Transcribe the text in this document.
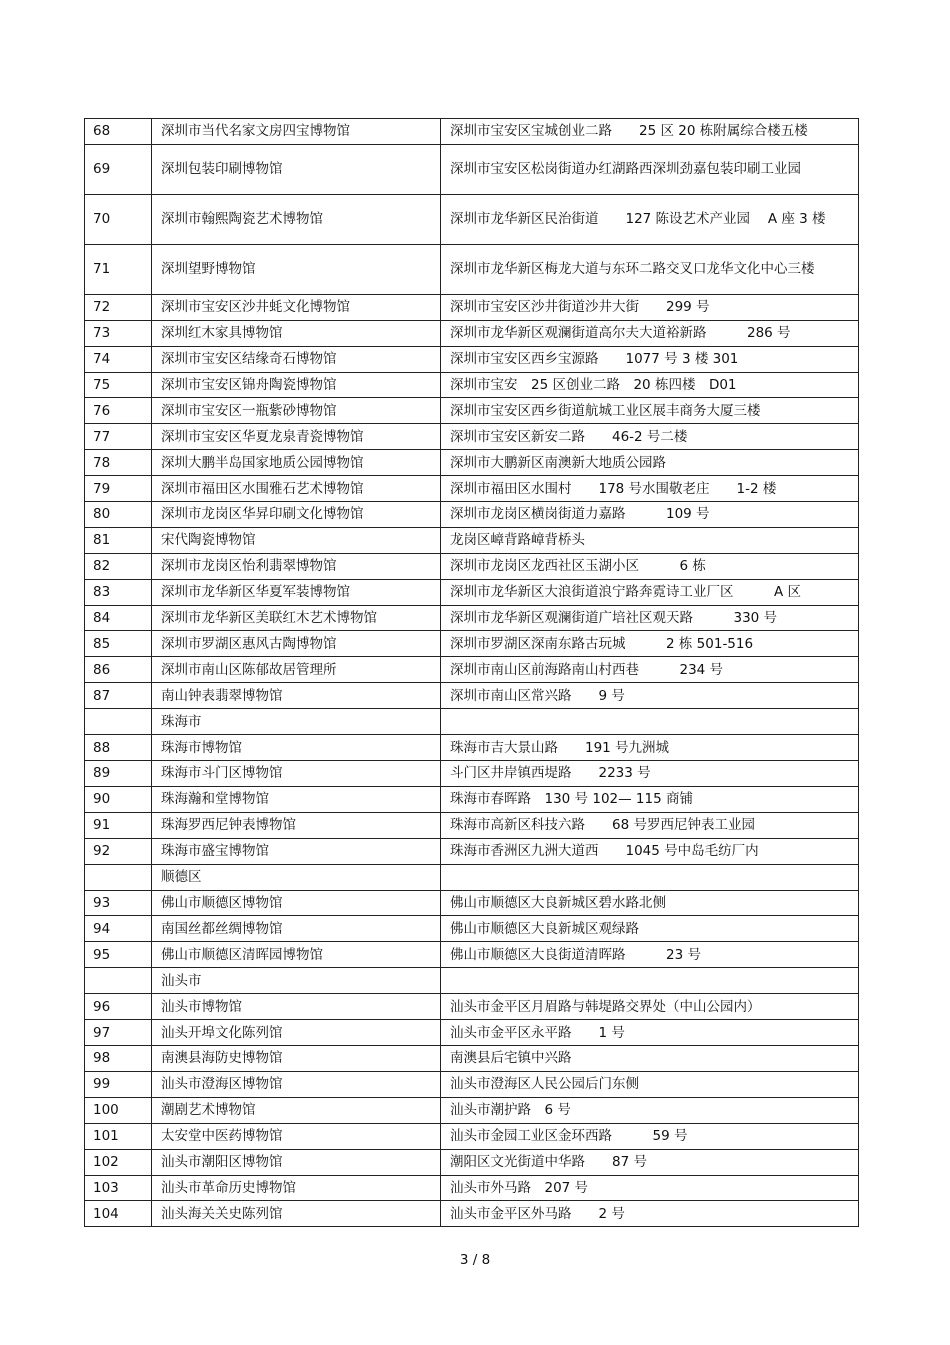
68	深圳市当代名家文房四宝博物馆	深圳市宝安区宝城创业二路　　25 区 20 栋附属综合楼五楼
69	深圳包装印刷博物馆	深圳市宝安区松岗街道办红湖路西深圳劲嘉包装印刷工业园
70	深圳市翰熙陶瓷艺术博物馆	深圳市龙华新区民治街道　　127 陈设艺术产业园　 A 座 3 楼
71	深圳望野博物馆	深圳市龙华新区梅龙大道与东环二路交叉口龙华文化中心三楼
72	深圳市宝安区沙井蚝文化博物馆	深圳市宝安区沙井街道沙井大街　　299 号
73	深圳红木家具博物馆	深圳市龙华新区观澜街道高尔夫大道裕新路　　　286 号
74	深圳市宝安区结缘奇石博物馆	深圳市宝安区西乡宝源路　　1077 号 3 楼 301
75	深圳市宝安区锦舟陶瓷博物馆	深圳市宝安　25 区创业二路　20 栋四楼　D01
76	深圳市宝安区一瓶紫砂博物馆	深圳市宝安区西乡街道航城工业区展丰商务大厦三楼
77	深圳市宝安区华夏龙泉青瓷博物馆	深圳市宝安区新安二路　　46-2 号二楼
78	深圳大鹏半岛国家地质公园博物馆	深圳市大鹏新区南澳新大地质公园路
79	深圳市福田区水围雅石艺术博物馆	深圳市福田区水围村　　178 号水围敬老庄　　1-2 楼
80	深圳市龙岗区华昇印刷文化博物馆	深圳市龙岗区横岗街道力嘉路　　　109 号
81	宋代陶瓷博物馆	龙岗区嶂背路嶂背桥头
82	深圳市龙岗区怡利翡翠博物馆	深圳市龙岗区龙西社区玉湖小区　　　6 栋
83	深圳市龙华新区华夏军装博物馆	深圳市龙华新区大浪街道浪宁路奔霓诗工业厂区　　　A 区
84	深圳市龙华新区美联红木艺术博物馆	深圳市龙华新区观澜街道广培社区观天路　　　330 号
85	深圳市罗湖区惠风古陶博物馆	深圳市罗湖区深南东路古玩城　　　2 栋 501-516
86	深圳市南山区陈郁故居管理所	深圳市南山区前海路南山村西巷　　　234 号
87	南山钟表翡翠博物馆	深圳市南山区常兴路　　9 号
	珠海市	
88	珠海市博物馆	珠海市吉大景山路　　191 号九洲城
89	珠海市斗门区博物馆	斗门区井岸镇西堤路　　2233 号
90	珠海瀚和堂博物馆	珠海市春晖路　130 号 102— 115 商铺
91	珠海罗西尼钟表博物馆	珠海市高新区科技六路　　68 号罗西尼钟表工业园
92	珠海市盛宝博物馆	珠海市香洲区九洲大道西　　1045 号中岛毛纺厂内
	顺德区	
93	佛山市顺德区博物馆	佛山市顺德区大良新城区碧水路北侧
94	南国丝都丝绸博物馆	佛山市顺德区大良新城区观绿路
95	佛山市顺德区清晖园博物馆	佛山市顺德区大良街道清晖路　　　23 号
	汕头市	
96	汕头市博物馆	汕头市金平区月眉路与韩堤路交界处（中山公园内）
97	汕头开埠文化陈列馆	汕头市金平区永平路　　1 号
98	南澳县海防史博物馆	南澳县后宅镇中兴路
99	汕头市澄海区博物馆	汕头市澄海区人民公园后门东侧
100	潮剧艺术博物馆	汕头市潮护路　6 号
101	太安堂中医药博物馆	汕头市金园工业区金环西路　　　59 号
102	汕头市潮阳区博物馆	潮阳区文光街道中华路　　87 号
103	汕头市革命历史博物馆	汕头市外马路　207 号
104	汕头海关关史陈列馆	汕头市金平区外马路　　2 号
3 / 8
